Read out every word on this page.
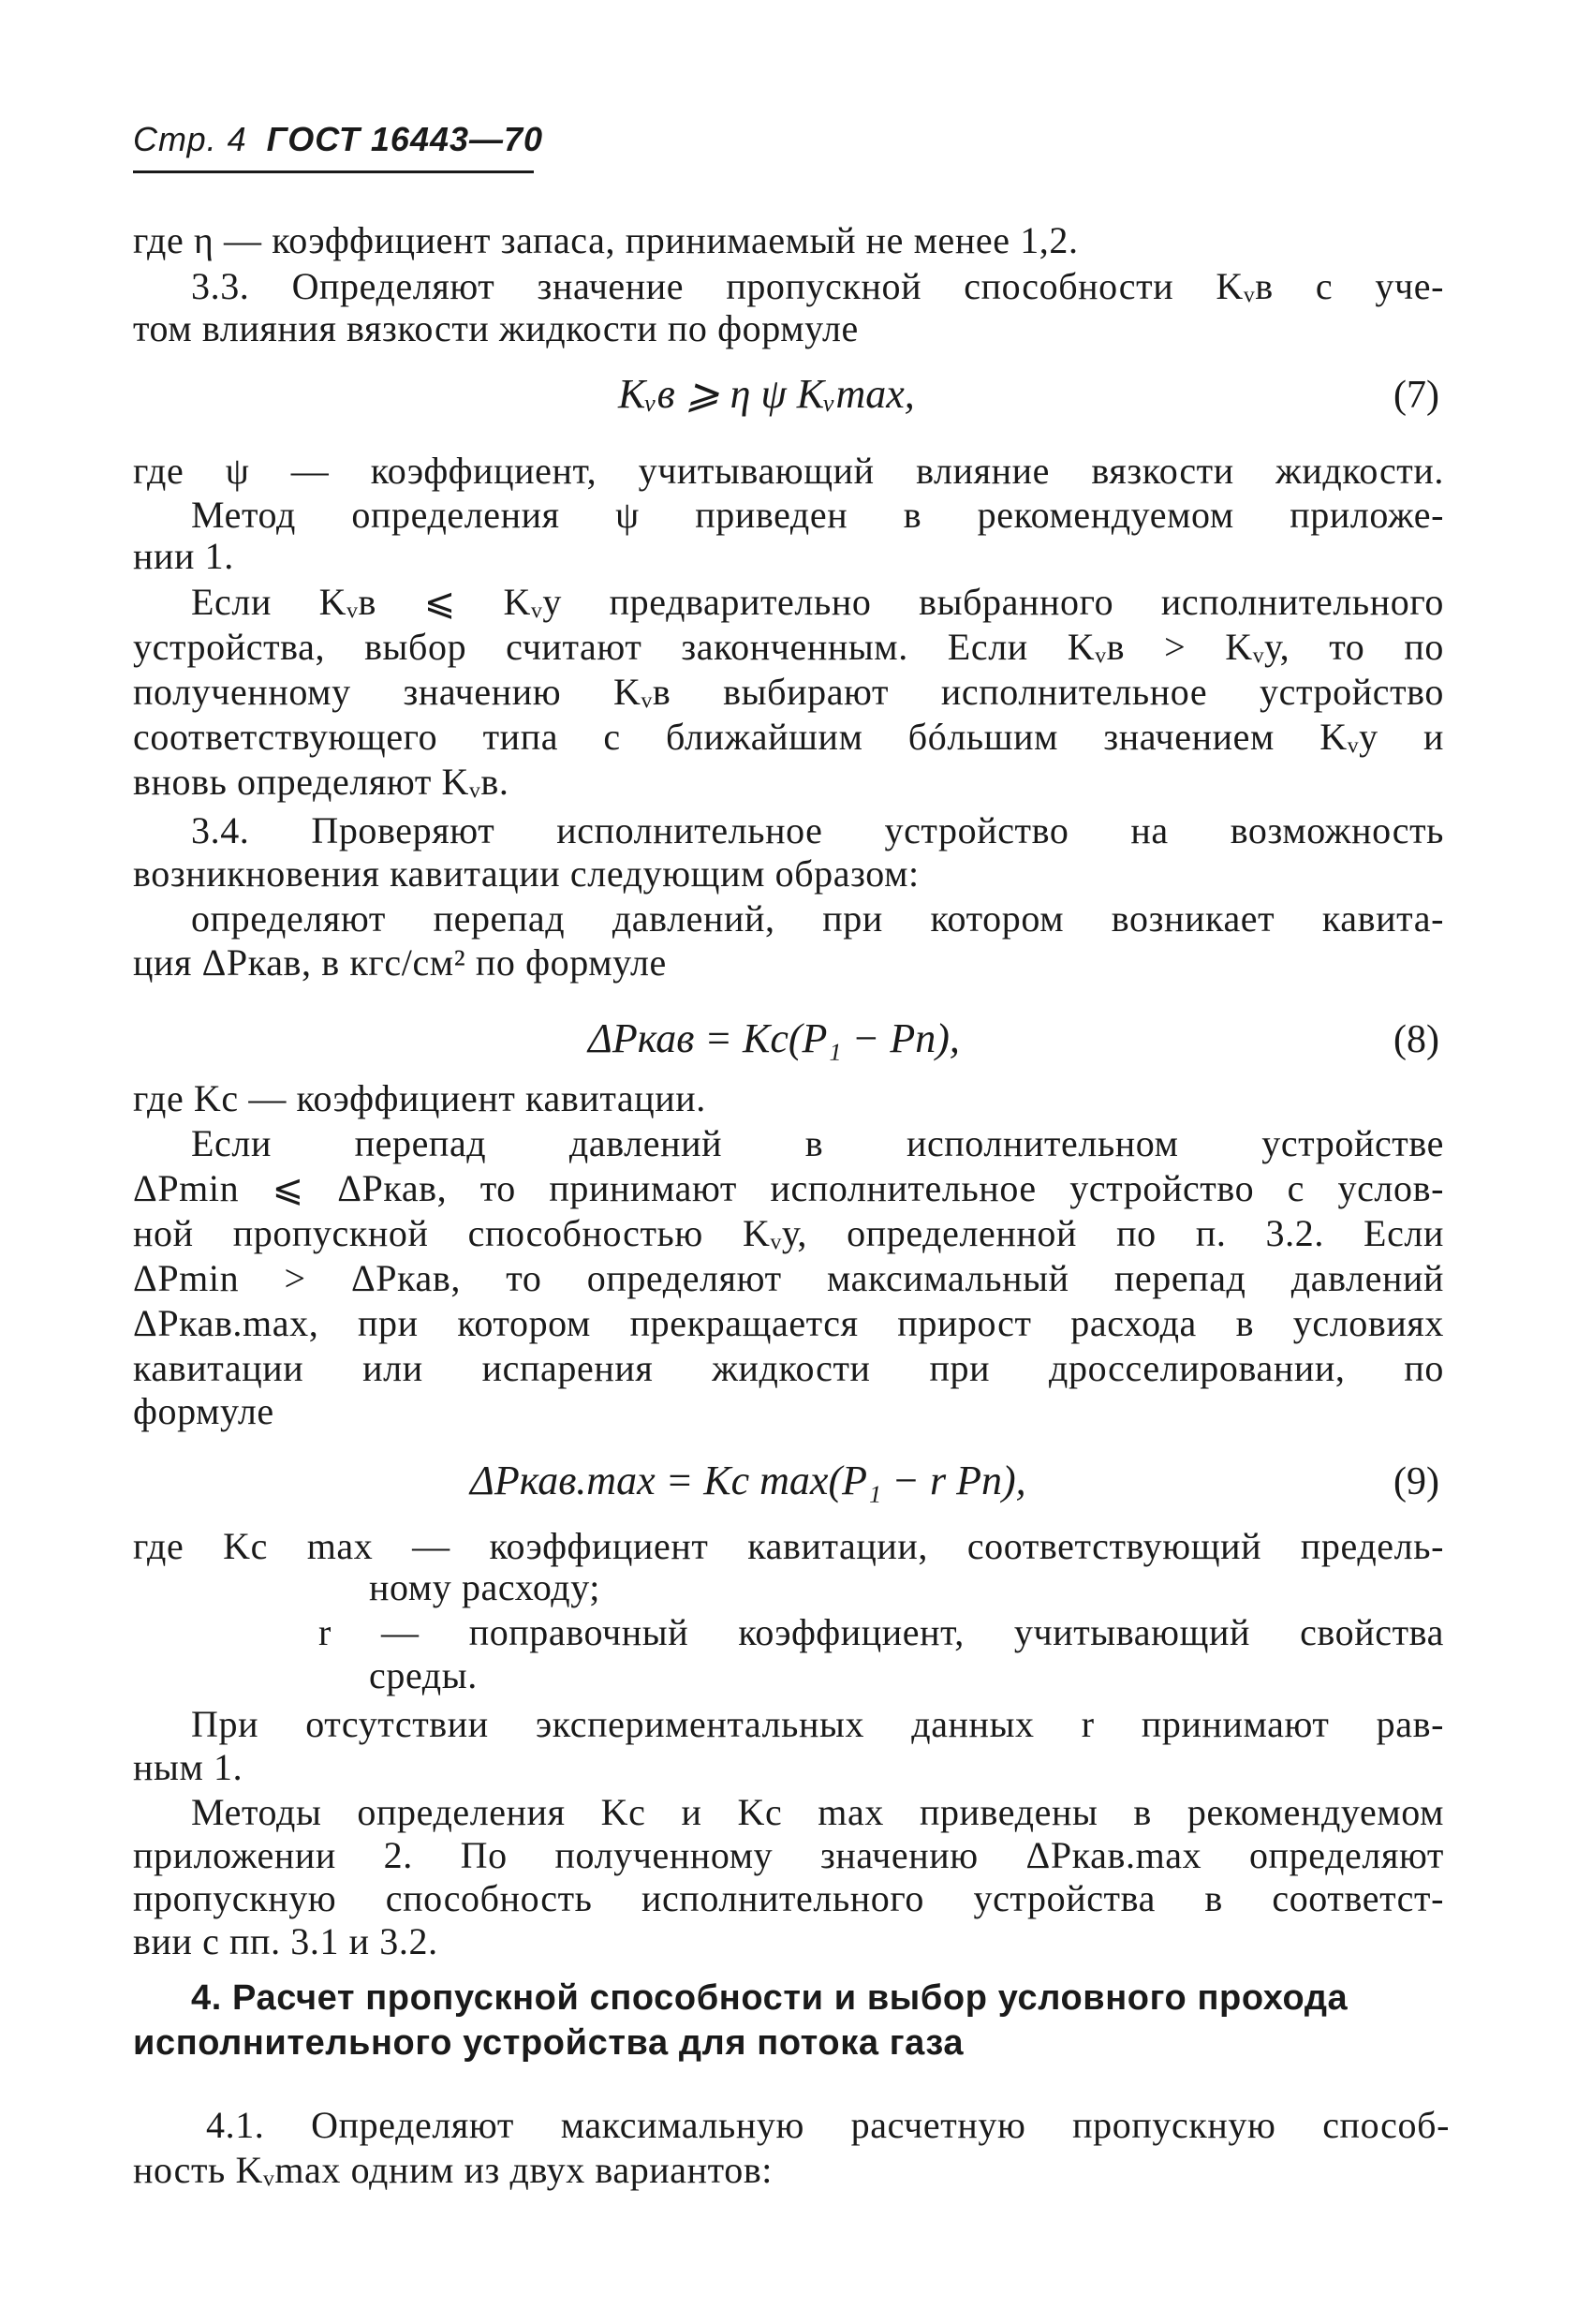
Стр. 4 ГОСТ 16443—70
где η — коэффициент запаса, принимаемый не менее 1,2.
3.3. Определяют значение пропускной способности Kᵥв с уче-
том влияния вязкости жидкости по формуле
где ψ — коэффициент, учитывающий влияние вязкости жидкости.
Метод определения ψ приведен в рекомендуемом приложе-
нии 1.
Если Kᵥв ⩽ Kᵥу предварительно выбранного исполнительного
устройства, выбор считают законченным. Если Kᵥв > Kᵥу, то по
полученному значению Kᵥв выбирают исполнительное устройство
соответствующего типа с ближайшим бóльшим значением Kᵥу и
вновь определяют Kᵥв.
3.4. Проверяют исполнительное устройство на возможность
возникновения кавитации следующим образом:
определяют перепад давлений, при котором возникает кавита-
ция ΔPкав, в кгс/см² по формуле
где Kc — коэффициент кавитации.
Если перепад давлений в исполнительном устройстве
ΔPmin ⩽ ΔPкав, то принимают исполнительное устройство с услов-
ной пропускной способностью Kᵥу, определенной по п. 3.2. Если
ΔPmin > ΔPкав, то определяют максимальный перепад давлений
ΔPкав.max, при котором прекращается прирост расхода в условиях
кавитации или испарения жидкости при дросселировании, по
формуле
где Kc max — коэффициент кавитации, соответствующий предель-
ному расходу;
r — поправочный коэффициент, учитывающий свойства
среды.
При отсутствии экспериментальных данных r принимают рав-
ным 1.
Методы определения Kc и Kc max приведены в рекомендуемом
приложении 2. По полученному значению ΔPкав.max определяют
пропускную способность исполнительного устройства в соответст-
вии с пп. 3.1 и 3.2.
Kᵥв ⩾ η ψ Kᵥmax,	(7)
ΔPкав = Kc(P₁ − Pп),	(8)
ΔPкав.max = Kc max(P₁ − r Pп),	(9)
4. Расчет пропускной способности и выбор условного прохода
исполнительного устройства для потока газа
4.1. Определяют максимальную расчетную пропускную способ-
ность Kᵥmax одним из двух вариантов:
